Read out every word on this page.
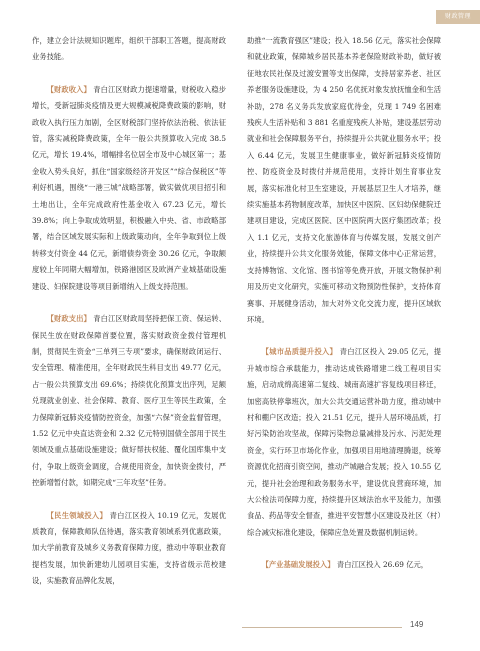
财政管理

作，建立会计法规知识题库，组织干部职工答题，提高财政业务技能。

【财政收入】 青白江区财政力提速增量，财税收入稳步增长，受新冠肺炎疫情及更大规模减税降费政策的影响，财政收入执行压力加剧，全区财税部门坚持依法治税、依法征管，落实减税降费政策，全年一般公共预算收入完成 38.5 亿元，增长 19.4%，增幅排名位居全市及中心城区第一；基金收入势头良好，抓住“国家级经济开发区”“综合保税区”等利好机遇，围绕“一港三城”战略部署，做实做优项目招引和土地出让，全年完成政府性基金收入 67.23 亿元，增长 39.8%；向上争取成效明显，积极融入中央、省、市政略部署，结合区域发展实际和上级政策动向，全年争取到位上级转移支付资金 44 亿元，新增债券资金 30.26 亿元，争取额度较上年同期大幅增加，铁路港园区及欧洲产业城基础设施建设、妇保院建设等项目新增纳入上级支持范围。

【财政支出】 青白江区财政局坚持把保工资、保运转、保民生放在财政保障首要位置，落实财政资金拨付管理机制，贯彻民生资金“三单列三专项”要求，确保财政闭运行、安全管理、精准使用，全年财政民生科目支出 49.77 亿元，占一般公共预算支出 69.6%；持续优化预算支出序列，足额兑现就业创业、社会保障、教育、医疗卫生等民生政策，全力保障新冠肺炎疫情防控资金，加强“六保”资金监督管理，1.52 亿元中央直达资金和 2.32 亿元特别国债全部用于民生领域及重点基础设施建设；做好帮扶权能、覆化国库集中支付，争取上级资金调度，合规使用资金，加快资金拨付，严控新增暂付款，如期完成“三年攻坚”任务。

【民生领域投入】 青白江区投入 10.19 亿元，发展优质教育，保障教师队伍待遇，落实教育领域系列优惠政策，加大学前教育及城乡义务教育保障力度，推动中等职业教育提档发展，加快新建幼儿园项目实施，支持省级示范校建设，实施教育品牌化发展，

助推“一流教育强区”建设；投入 18.56 亿元，落实社会保障和就业政策，保障城乡居民基本养老保险财政补助，做好被征地农民社保及过渡安置等支出保障，支持居家养老、社区养老服务设施建设，为 4 250 名优抚对象发放抚恤金和生活补助，278 名义务兵发放家庭优待金，兑现 1 749 名困难残疾人生活补贴和 3 881 名重度残疾人补贴，建设基层劳动就业和社会保障服务平台，持续提升公共就业服务水平；投入 6.44 亿元，发展卫生健康事业，做好新冠肺炎疫情防控、防疫资金及时拨付并规范使用，支持计划生育事业发展，落实标准化村卫生室建设，开展基层卫生人才培养，继续实施基本药物制度改革，加快区中医院、区妇幼保健院迁建项目建设，完成区医院、区中医院两大医疗集团改革；投入 1.1 亿元，支持文化旅游体育与传媒发展，发展文创产业，持续提升公共文化服务效能，保障文体中心正常运营，支持博物馆、文化馆、图书馆等免费开放，开展文物保护利用及历史文化研究，实施可移动文物预防性保护，支持体育赛事、开展健身活动，加大对外文化交流力度，提升区域软环境。

【城市品质提升投入】 青白江区投入 29.05 亿元，提升城市综合承载能力，推动达成铁路增建二线工程项目实施，启动成绵高速第二复线、城南高速扩容复线项目移迁，加密高铁停靠班次，加大公共交通运营补助力度，推动城中村和棚户区改造；投入 21.51 亿元，提升人居环境品质，打好污染防治攻坚战，保障污染物总量减排及污水、污泥处理资金，实行环卫市场化作业，加强项目用地清理腾退，统筹资源优化招商引资空间，推动产城融合发展；投入 10.55 亿元，提升社会治理和政务服务水平，建设优良营商环境，加大公检法司保障力度，持续提升区域法治水平及能力，加强食品、药品等安全督查，推进平安智慧小区建设及社区（村）综合减灾标准化建设，保障应急处置及数据机制运转。

【产业基础发展投入】 青白江区投入 26.69 亿元，

149
